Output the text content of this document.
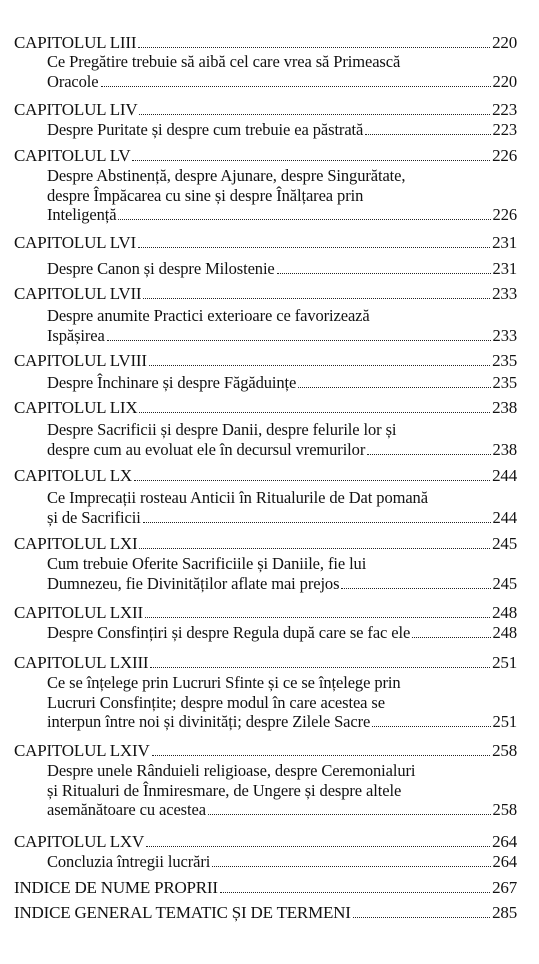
CAPITOLUL LIII	220
Ce Pregătire trebuie să aibă cel care vrea să Primească
Oracole	220
CAPITOLUL LIV	223
Despre Puritate și despre cum trebuie ea păstrată	223
CAPITOLUL LV	226
Despre Abstinență, despre Ajunare, despre Singurătate,
despre Împăcarea cu sine și despre Înălțarea prin
Inteligență	226
CAPITOLUL LVI	231
Despre Canon și despre Milostenie	231
CAPITOLUL LVII	233
Despre anumite Practici exterioare ce favorizează
Ispășirea	233
CAPITOLUL LVIII	235
Despre Închinare și despre Făgăduințe	235
CAPITOLUL LIX	238
Despre Sacrificii și despre Danii, despre felurile lor și
despre cum au evoluat ele în decursul vremurilor	238
CAPITOLUL LX	244
Ce Imprecații rosteau Anticii în Ritualurile de Dat pomană
și de Sacrificii	244
CAPITOLUL LXI	245
Cum trebuie Oferite Sacrificiile și Daniile, fie lui
Dumnezeu, fie Divinităților aflate mai prejos	245
CAPITOLUL LXII	248
Despre Consfințiri și despre Regula după care se fac ele	248
CAPITOLUL LXIII	251
Ce se înțelege prin Lucruri Sfinte și ce se înțelege prin
Lucruri Consfințite; despre modul în care acestea se
interpun între noi și divinități; despre Zilele Sacre	251
CAPITOLUL LXIV	258
Despre unele Rânduieli religioase, despre Ceremonialuri
și Ritualuri de Înmiresmare, de Ungere și despre altele
asemănătoare cu acestea	258
CAPITOLUL LXV	264
Concluzia întregii lucrări	264
INDICE DE NUME PROPRII	267
INDICE GENERAL TEMATIC ȘI DE TERMENI	285
